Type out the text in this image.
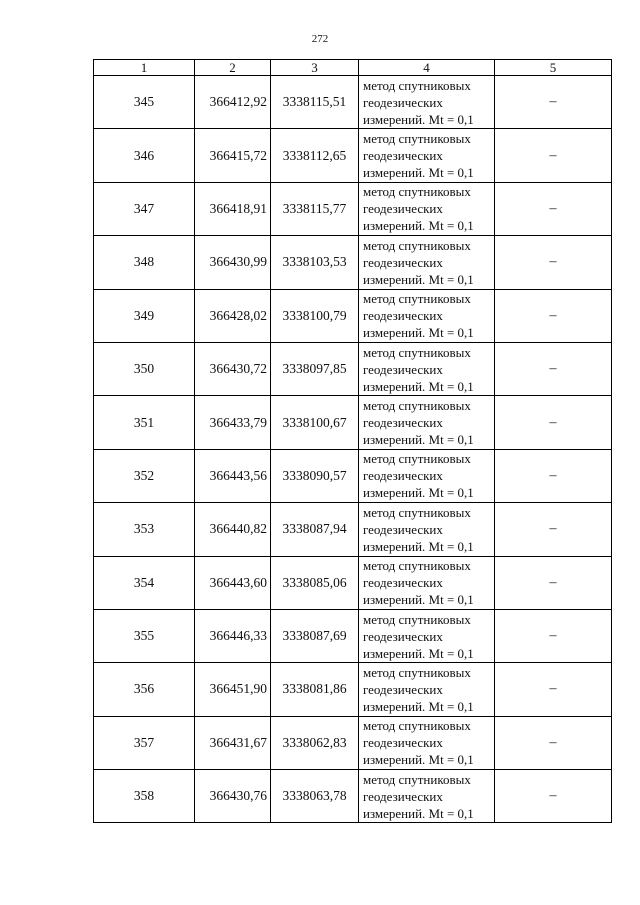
272
1	2	3	4	5
345	366412,92	3338115,51	метод спутниковых
геодезических
измерений. Mt = 0,1	–
346	366415,72	3338112,65	метод спутниковых
геодезических
измерений. Mt = 0,1	–
347	366418,91	3338115,77	метод спутниковых
геодезических
измерений. Mt = 0,1	–
348	366430,99	3338103,53	метод спутниковых
геодезических
измерений. Mt = 0,1	–
349	366428,02	3338100,79	метод спутниковых
геодезических
измерений. Mt = 0,1	–
350	366430,72	3338097,85	метод спутниковых
геодезических
измерений. Mt = 0,1	–
351	366433,79	3338100,67	метод спутниковых
геодезических
измерений. Mt = 0,1	–
352	366443,56	3338090,57	метод спутниковых
геодезических
измерений. Mt = 0,1	–
353	366440,82	3338087,94	метод спутниковых
геодезических
измерений. Mt = 0,1	–
354	366443,60	3338085,06	метод спутниковых
геодезических
измерений. Mt = 0,1	–
355	366446,33	3338087,69	метод спутниковых
геодезических
измерений. Mt = 0,1	–
356	366451,90	3338081,86	метод спутниковых
геодезических
измерений. Mt = 0,1	–
357	366431,67	3338062,83	метод спутниковых
геодезических
измерений. Mt = 0,1	–
358	366430,76	3338063,78	метод спутниковых
геодезических
измерений. Mt = 0,1	–
